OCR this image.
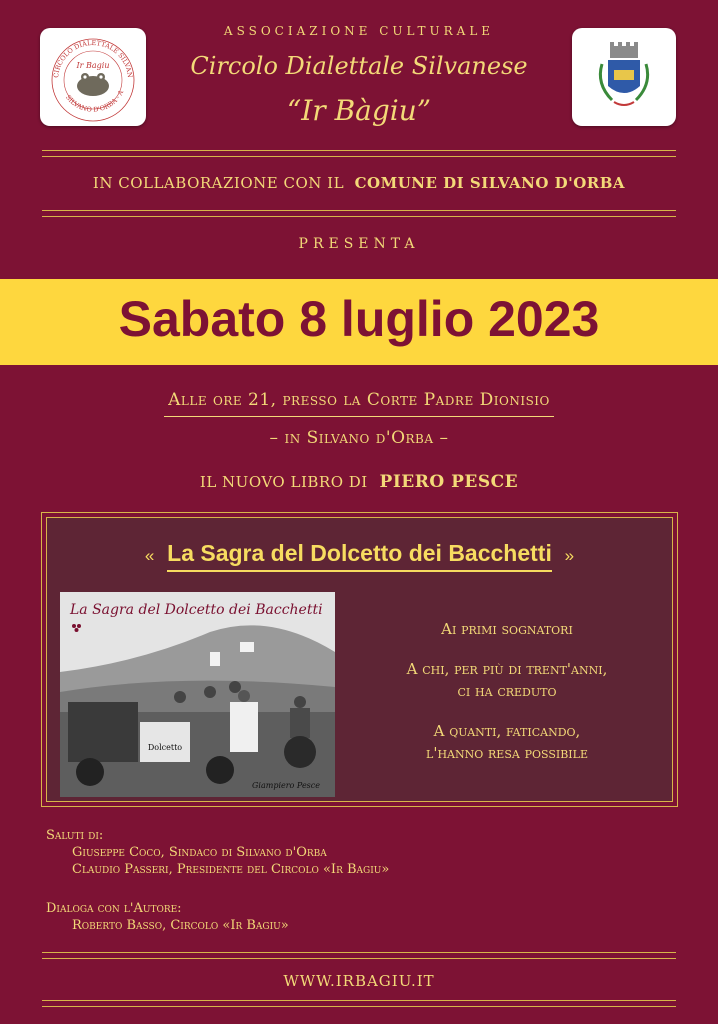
CIRCOLO DIALETTALE SILVAN
SILVANO D'ORBA - A
Ir Bagiu
ASSOCIAZIONE CULTURALE
Circolo Dialettale Silvanese
“Ir Bàgiu”
IN COLLABORAZIONE CON IL COMUNE DI SILVANO D'ORBA
PRESENTA
Sabato 8 luglio 2023
Alle ore 21, presso la Corte Padre Dionisio
– in Silvano d'Orba –
IL NUOVO LIBRO DI PIERO PESCE
« La Sagra del Dolcetto dei Bacchetti »
Dolcetto
La Sagra del Dolcetto dei Bacchetti
Giampiero Pesce
Ai primi sognatori
A chi, per più di trent'anni,
ci ha creduto
A quanti, faticando,
l'hanno resa possibile
Saluti di:
Giuseppe Coco, Sindaco di Silvano d'Orba
Claudio Passeri, Presidente del Circolo «Ir Bagiu»
Dialoga con l'Autore:
Roberto Basso, Circolo «Ir Bagiu»
WWW.IRBAGIU.IT
